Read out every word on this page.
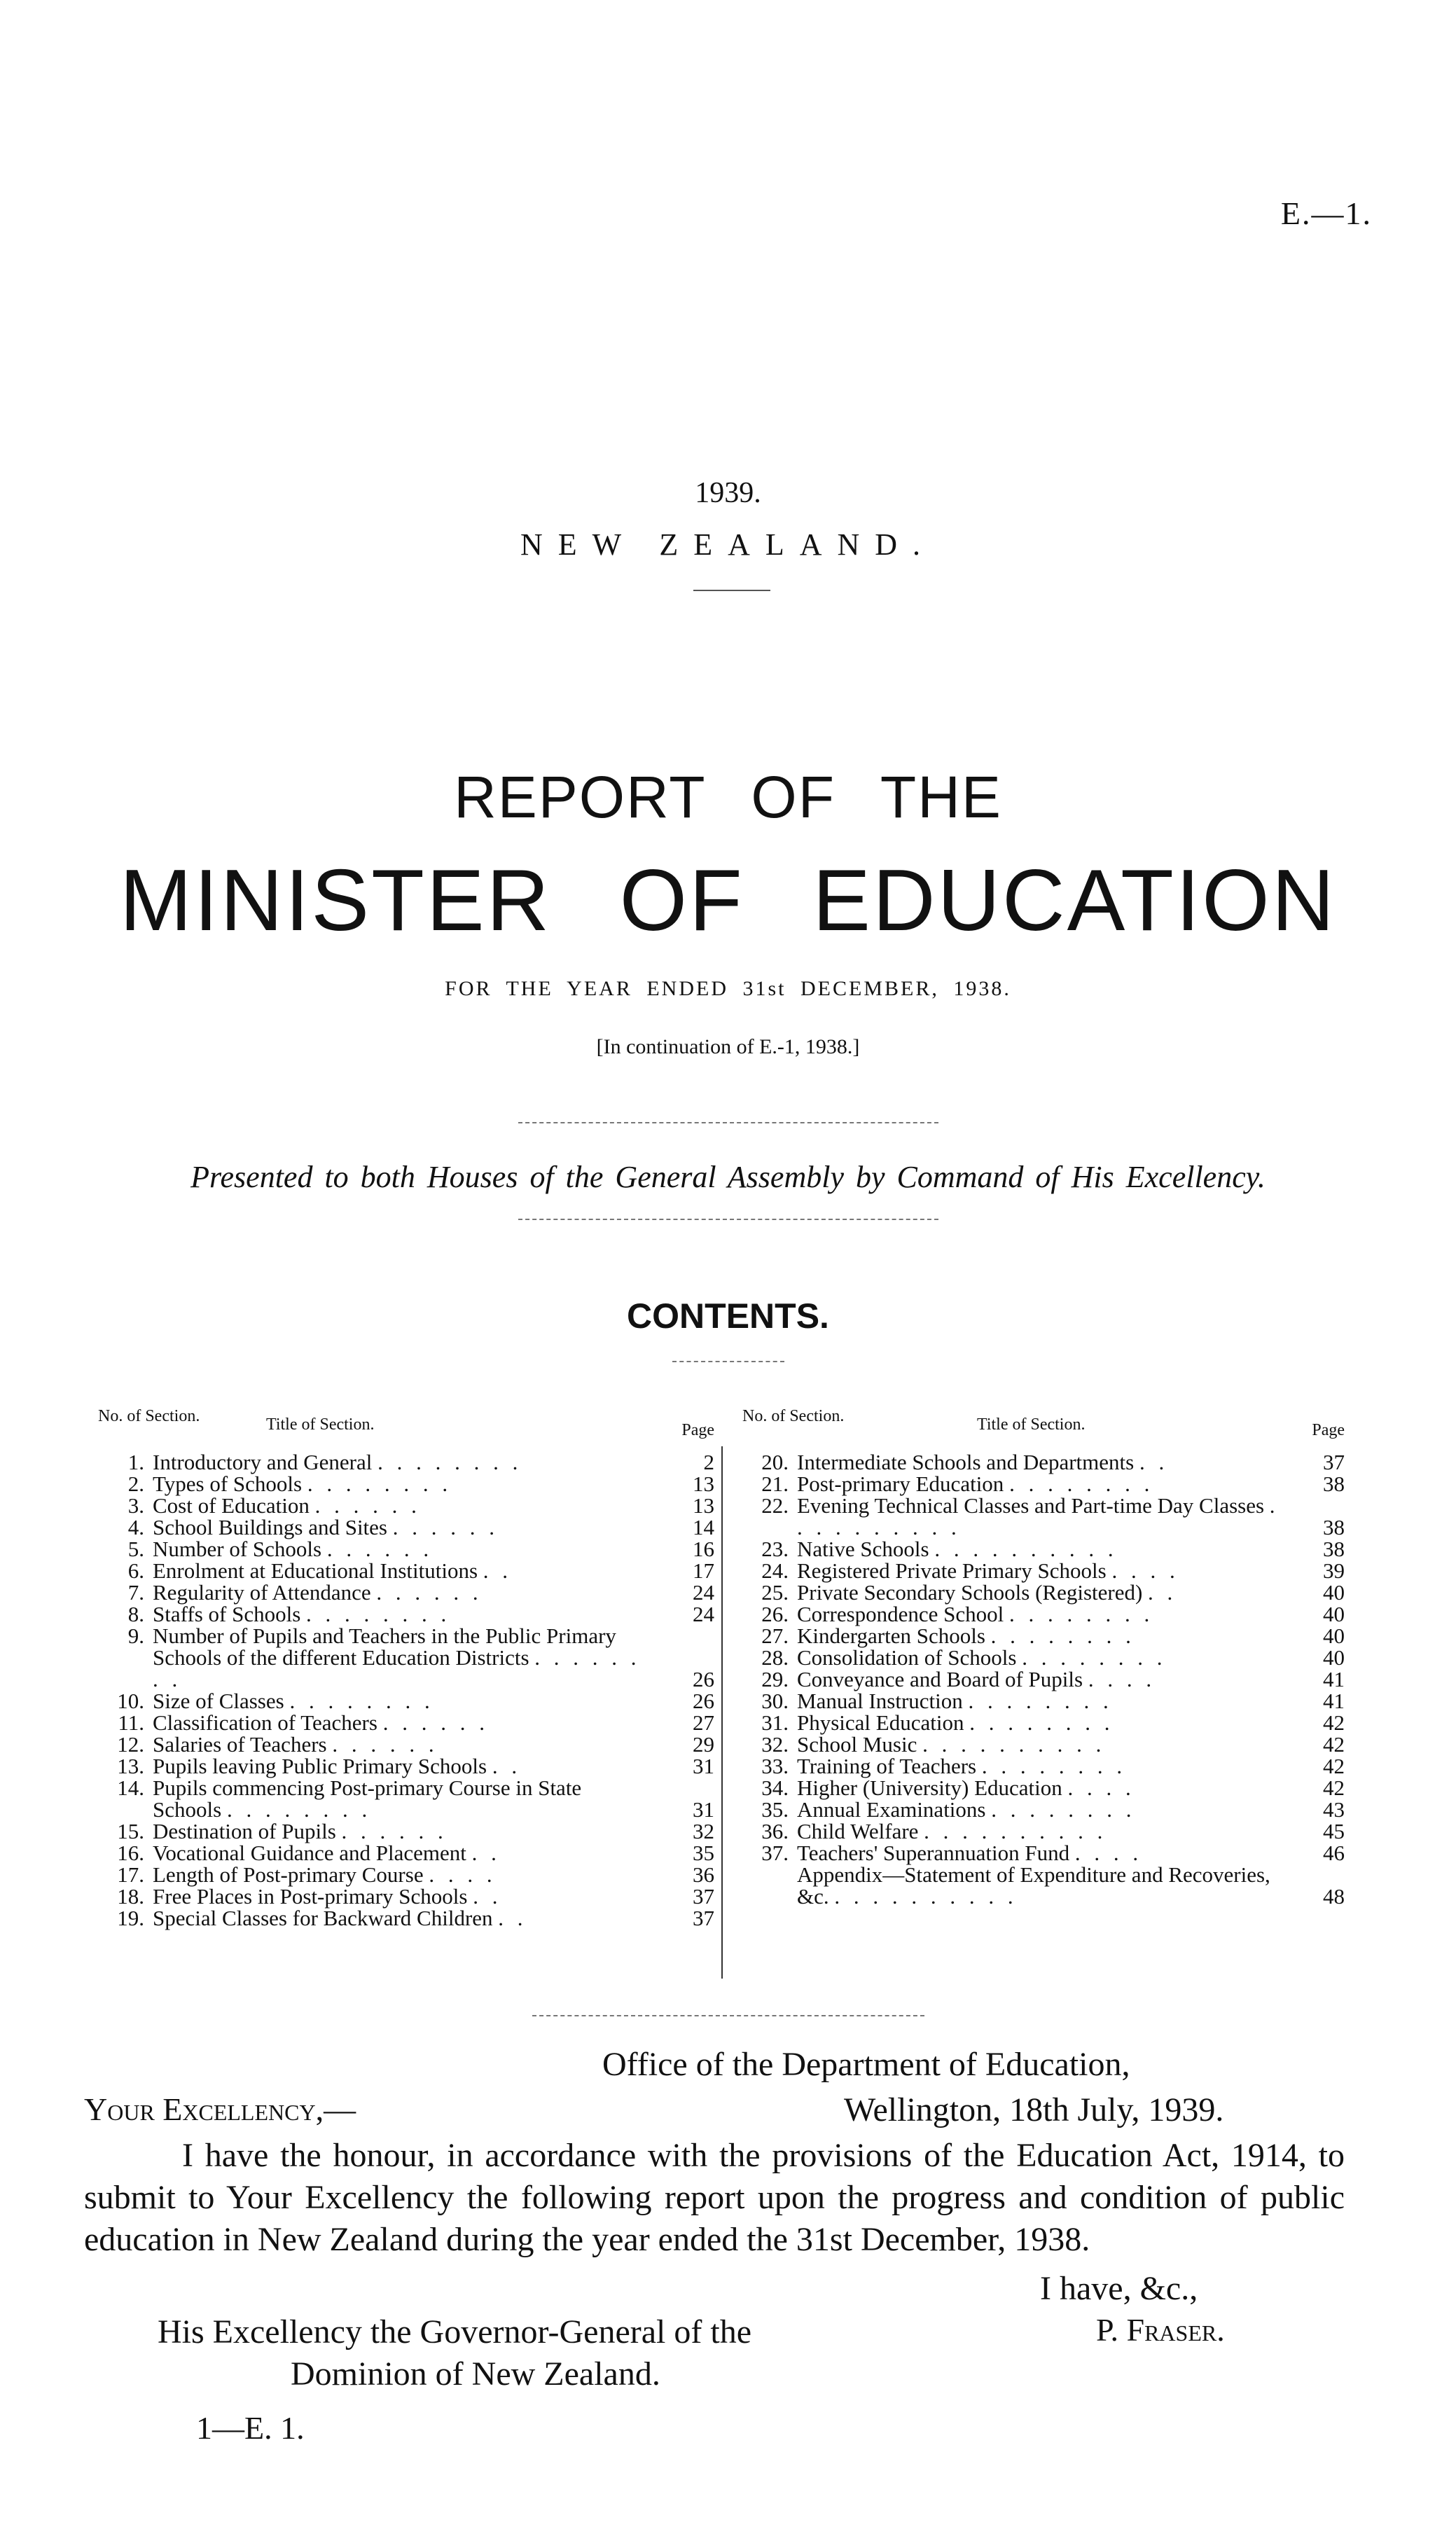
E.—1.
1939.
NEW ZEALAND.
REPORT OF THE
MINISTER OF EDUCATION
FOR THE YEAR ENDED 31st DECEMBER, 1938.
[In continuation of E.-1, 1938.]
Presented to both Houses of the General Assembly by Command of His Excellency.
CONTENTS.
No. of Section.	Title of Section.	Page
1. Introductory and General . . . . . . . .	2
2. Types of Schools . . . . . . . .	13
3. Cost of Education . . . . . .	13
4. School Buildings and Sites . . . . . .	14
5. Number of Schools . . . . . .	16
6. Enrolment at Educational Institutions . .	17
7. Regularity of Attendance . . . . . .	24
8. Staffs of Schools . . . . . . . .	24
9. Number of Pupils and Teachers in the Public Primary Schools of the different Education Districts . . . . . . . .	26
10. Size of Classes . . . . . . . .	26
11. Classification of Teachers . . . . . .	27
12. Salaries of Teachers . . . . . .	29
13. Pupils leaving Public Primary Schools . .	31
14. Pupils commencing Post-primary Course in State Schools . . . . . . . .	31
15. Destination of Pupils . . . . . .	32
16. Vocational Guidance and Placement . .	35
17. Length of Post-primary Course . . . .	36
18. Free Places in Post-primary Schools . .	37
19. Special Classes for Backward Children . .	37
No. of Section.	Title of Section.	Page
20. Intermediate Schools and Departments . .	37
21. Post-primary Education . . . . . . . .	38
22. Evening Technical Classes and Part-time Day Classes . . . . . . . . . .	38
23. Native Schools . . . . . . . . . .	38
24. Registered Private Primary Schools . . . .	39
25. Private Secondary Schools (Registered) . .	40
26. Correspondence School . . . . . . . .	40
27. Kindergarten Schools . . . . . . . .	40
28. Consolidation of Schools . . . . . . . .	40
29. Conveyance and Board of Pupils . . . .	41
30. Manual Instruction . . . . . . . .	41
31. Physical Education . . . . . . . .	42
32. School Music . . . . . . . . . .	42
33. Training of Teachers . . . . . . . .	42
34. Higher (University) Education . . . .	42
35. Annual Examinations . . . . . . . .	43
36. Child Welfare . . . . . . . . . .	45
37. Teachers' Superannuation Fund . . . .	46
Appendix—Statement of Expenditure and Recoveries, &c. . . . . . . . . . .	48
Office of the Department of Education,
Your Excellency,—	Wellington, 18th July, 1939.
I have the honour, in accordance with the provisions of the Education Act, 1914, to submit to Your Excellency the following report upon the progress and condition of public education in New Zealand during the year ended the 31st December, 1938.
I have, &c.,
His Excellency the Governor-General of the
Dominion of New Zealand.
P. Fraser.
1—E. 1.
